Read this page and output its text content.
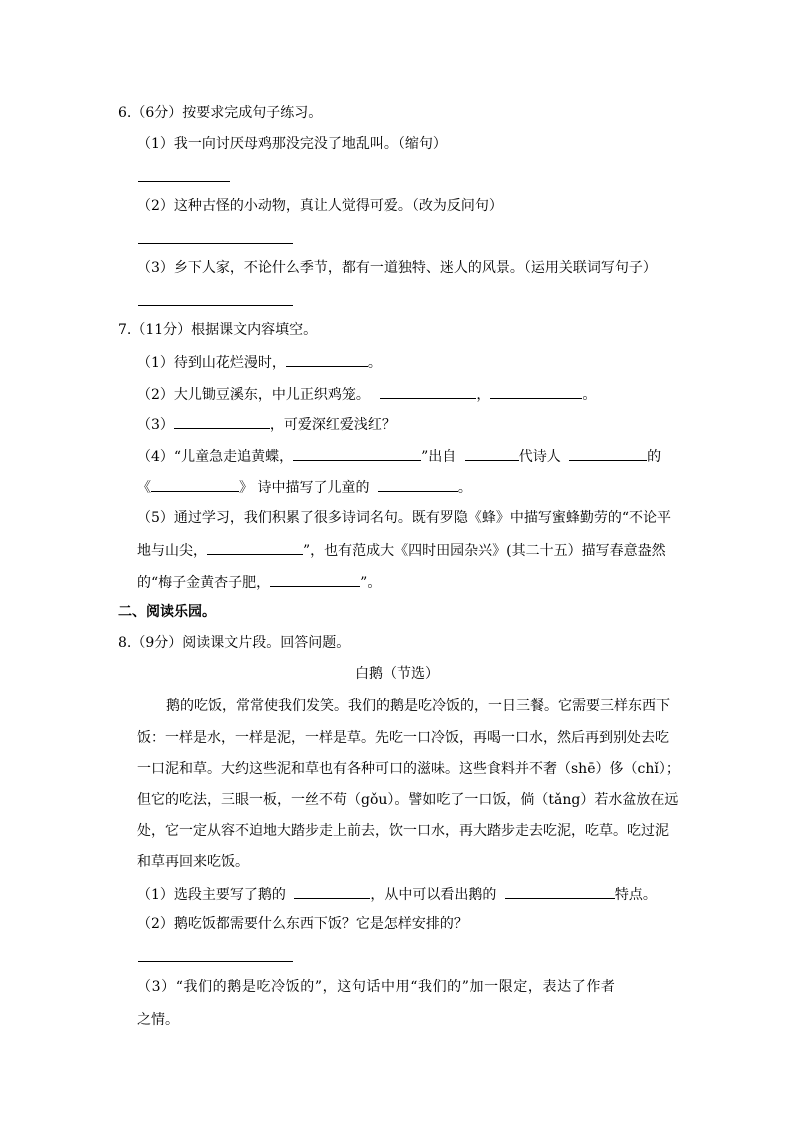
6.（6分）按要求完成句子练习。
（1）我一向讨厌母鸡那没完没了地乱叫。（缩句）
（2）这种古怪的小动物，真让人觉得可爱。（改为反问句）
（3）乡下人家，不论什么季节，都有一道独特、迷人的风景。（运用关联词写句子）
7.（11分）根据课文内容填空。
（1）待到山花烂漫时，	。
（2）大儿锄豆溪东，中儿正织鸡笼。	，	。
（3）	，可爱深红爱浅红？
（4）“儿童急走追黄蝶，	”出自	代诗人	的
《	》 诗中描写了儿童的	。
（5）通过学习，我们积累了很多诗词名句。既有罗隐《蜂》中描写蜜蜂勤劳的“不论平
地与山尖，	”，也有范成大《四时田园杂兴》(其二十五）描写春意盎然
的“梅子金黄杏子肥，	”。
二、阅读乐园。
8.（9分）阅读课文片段。回答问题。
白鹅（节选）
鹅的吃饭，常常使我们发笑。我们的鹅是吃冷饭的，一日三餐。它需要三样东西下
饭：一样是水，一样是泥，一样是草。先吃一口冷饭，再喝一口水，然后再到别处去吃
一口泥和草。大约这些泥和草也有各种可口的滋味。这些食料并不奢（shē）侈（chǐ）；
但它的吃法，三眼一板，一丝不苟（gǒu）。譬如吃了一口饭，倘（tǎng）若水盆放在远
处，它一定从容不迫地大踏步走上前去，饮一口水，再大踏步走去吃泥，吃草。吃过泥
和草再回来吃饭。
（1）选段主要写了鹅的	，从中可以看出鹅的	特点。
（2）鹅吃饭都需要什么东西下饭？它是怎样安排的？
（3）“我们的鹅是吃冷饭的”，这句话中用“我们的”加一限定，表达了作者
之情。
